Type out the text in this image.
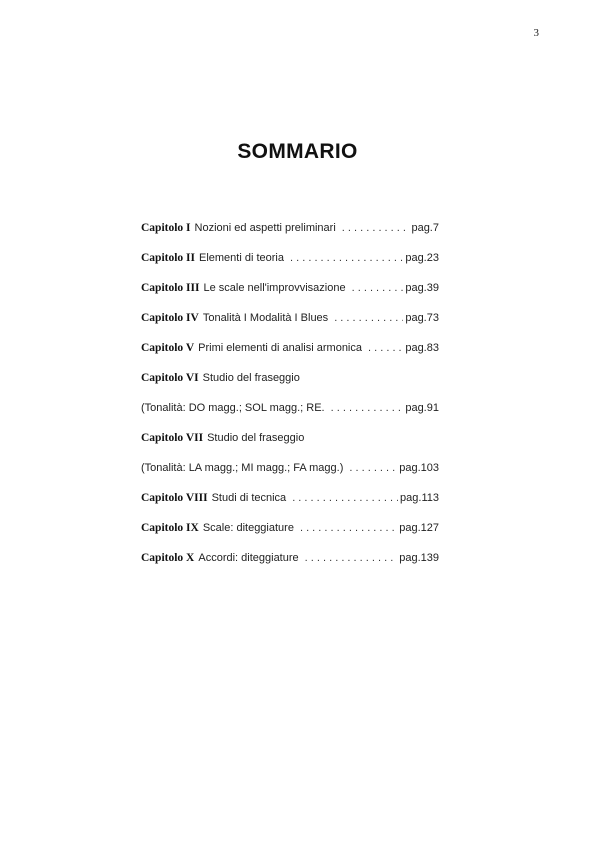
3
SOMMARIO
Capitolo I Nozioni ed aspetti preliminari . . .	pag. 7
Capitolo II Elementi di teoria . . .	pag. 23
Capitolo III Le scale nell'improvvisazione . . .	pag. 39
Capitolo IV Tonalità I Modalità I Blues . . .	pag. 73
Capitolo V Primi elementi di analisi armonica . . .	pag. 83
Capitolo VI Studio del fraseggio
(Tonalità: DO magg.; SOL magg.; RE. . . .	pag. 91
Capitolo VII Studio del fraseggio
(Tonalità: LA magg.; MI magg.; FA magg.) . . .	pag. 103
Capitolo VIII Studi di tecnica . . .	pag. 113
Capitolo IX Scale: diteggiature . . .	pag. 127
Capitolo X Accordi: diteggiature . . .	pag. 139
